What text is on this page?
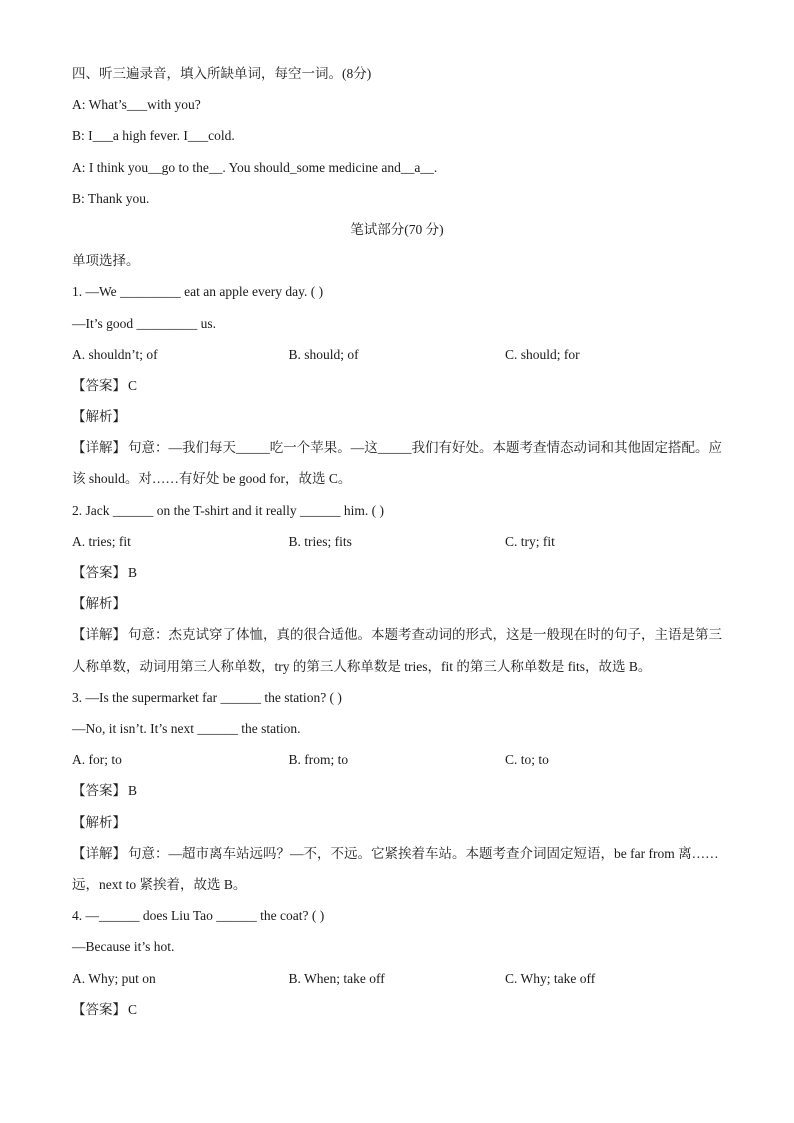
四、听三遍录音，填入所缺单词，每空一词。(8分)
A: What’s___with you?
B: I___a high fever. I___cold.
A: I think you__go to the__. You should_some medicine and__a__.
B: Thank you.
笔试部分(70 分)
单项选择。
1. —We _________ eat an apple every day. ( )
—It’s good _________ us.
A. shouldn’t; of	B. should; of	C. should; for
【答案】 C
【解析】
【详解】 句意：—我们每天_____吃一个苹果。—这_____我们有好处。本题考查情态动词和其他固定搭配。应该 should。对……有好处 be good for，故选 C。
2. Jack ______ on the T-shirt and it really ______ him. ( )
A. tries; fit	B. tries; fits	C. try; fit
【答案】 B
【解析】
【详解】 句意：杰克试穿了体恤，真的很合适他。本题考查动词的形式，这是一般现在时的句子，主语是第三人称单数，动词用第三人称单数，try 的第三人称单数是 tries，fit 的第三人称单数是 fits，故选 B。
3. —Is the supermarket far ______ the station? ( )
—No, it isn’t. It’s next ______ the station.
A. for; to	B. from; to	C. to; to
【答案】 B
【解析】
【详解】 句意：—超市离车站远吗？—不，不远。它紧挨着车站。本题考查介词固定短语，be far from 离……远，next to 紧挨着，故选 B。
4. —______ does Liu Tao ______ the coat? ( )
—Because it’s hot.
A. Why; put on	B. When; take off	C. Why; take off
【答案】 C
